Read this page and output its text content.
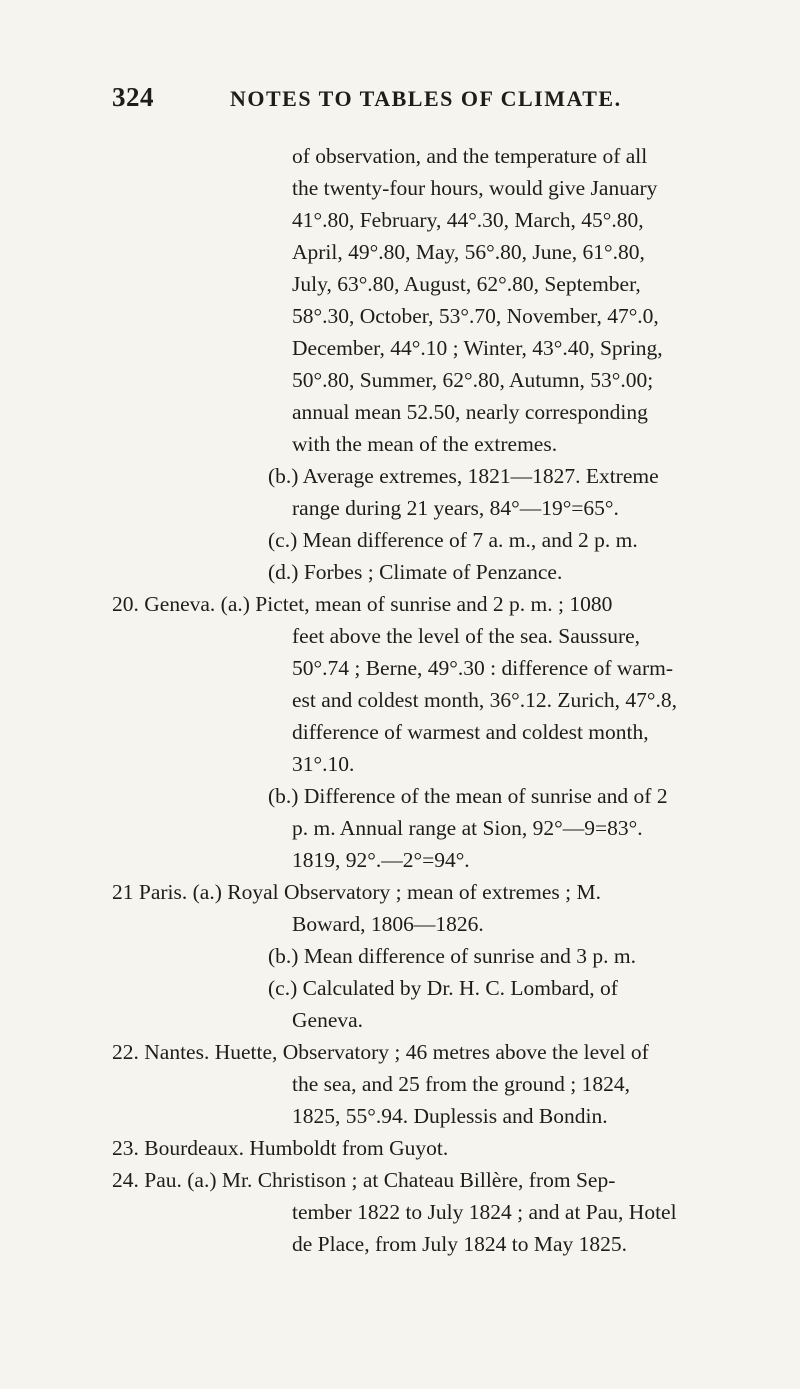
324	NOTES TO TABLES OF CLIMATE.
of observation, and the temperature of all
the twenty-four hours, would give January
41°.80, February, 44°.30, March, 45°.80,
April, 49°.80, May, 56°.80, June, 61°.80,
July, 63°.80, August, 62°.80, September,
58°.30, October, 53°.70, November, 47°.0,
December, 44°.10 ; Winter, 43°.40, Spring,
50°.80, Summer, 62°.80, Autumn, 53°.00;
annual mean 52.50, nearly corresponding
with the mean of the extremes.
(b.) Average extremes, 1821—1827. Extreme
range during 21 years, 84°—19°=65°.
(c.) Mean difference of 7 a. m., and 2 p. m.
(d.) Forbes ; Climate of Penzance.
20. Geneva. (a.) Pictet, mean of sunrise and 2 p. m. ; 1080
feet above the level of the sea. Saussure,
50°.74 ; Berne, 49°.30 : difference of warm-
est and coldest month, 36°.12. Zurich, 47°.8,
difference of warmest and coldest month,
31°.10.
(b.) Difference of the mean of sunrise and of 2
p. m. Annual range at Sion, 92°—9=83°.
1819, 92°.—2°=94°.
21 Paris. (a.) Royal Observatory ; mean of extremes ; M.
Boward, 1806—1826.
(b.) Mean difference of sunrise and 3 p. m.
(c.) Calculated by Dr. H. C. Lombard, of
Geneva.
22. Nantes. Huette, Observatory ; 46 metres above the level of
the sea, and 25 from the ground ; 1824,
1825, 55°.94. Duplessis and Bondin.
23. Bourdeaux. Humboldt from Guyot.
24. Pau. (a.) Mr. Christison ; at Chateau Billère, from Sep-
tember 1822 to July 1824 ; and at Pau, Hotel
de Place, from July 1824 to May 1825.
